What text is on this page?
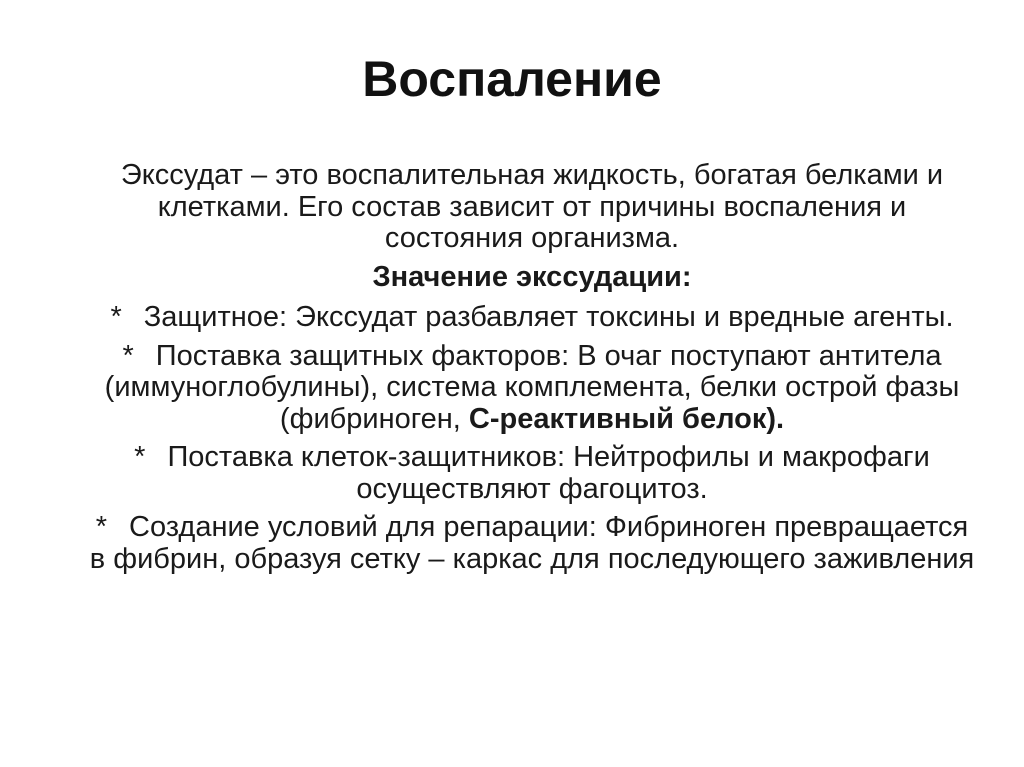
Воспаление

Экссудат – это воспалительная жидкость, богатая белками и клетками. Его состав зависит от причины воспаления и состояния организма.

Значение экссудации:

* Защитное: Экссудат разбавляет токсины и вредные агенты.

* Поставка защитных факторов: В очаг поступают антитела (иммуноглобулины), система комплемента, белки острой фазы (фибриноген, С-реактивный белок).

* Поставка клеток-защитников: Нейтрофилы и макрофаги осуществляют фагоцитоз.

* Создание условий для репарации: Фибриноген превращается в фибрин, образуя сетку – каркас для последующего заживления
